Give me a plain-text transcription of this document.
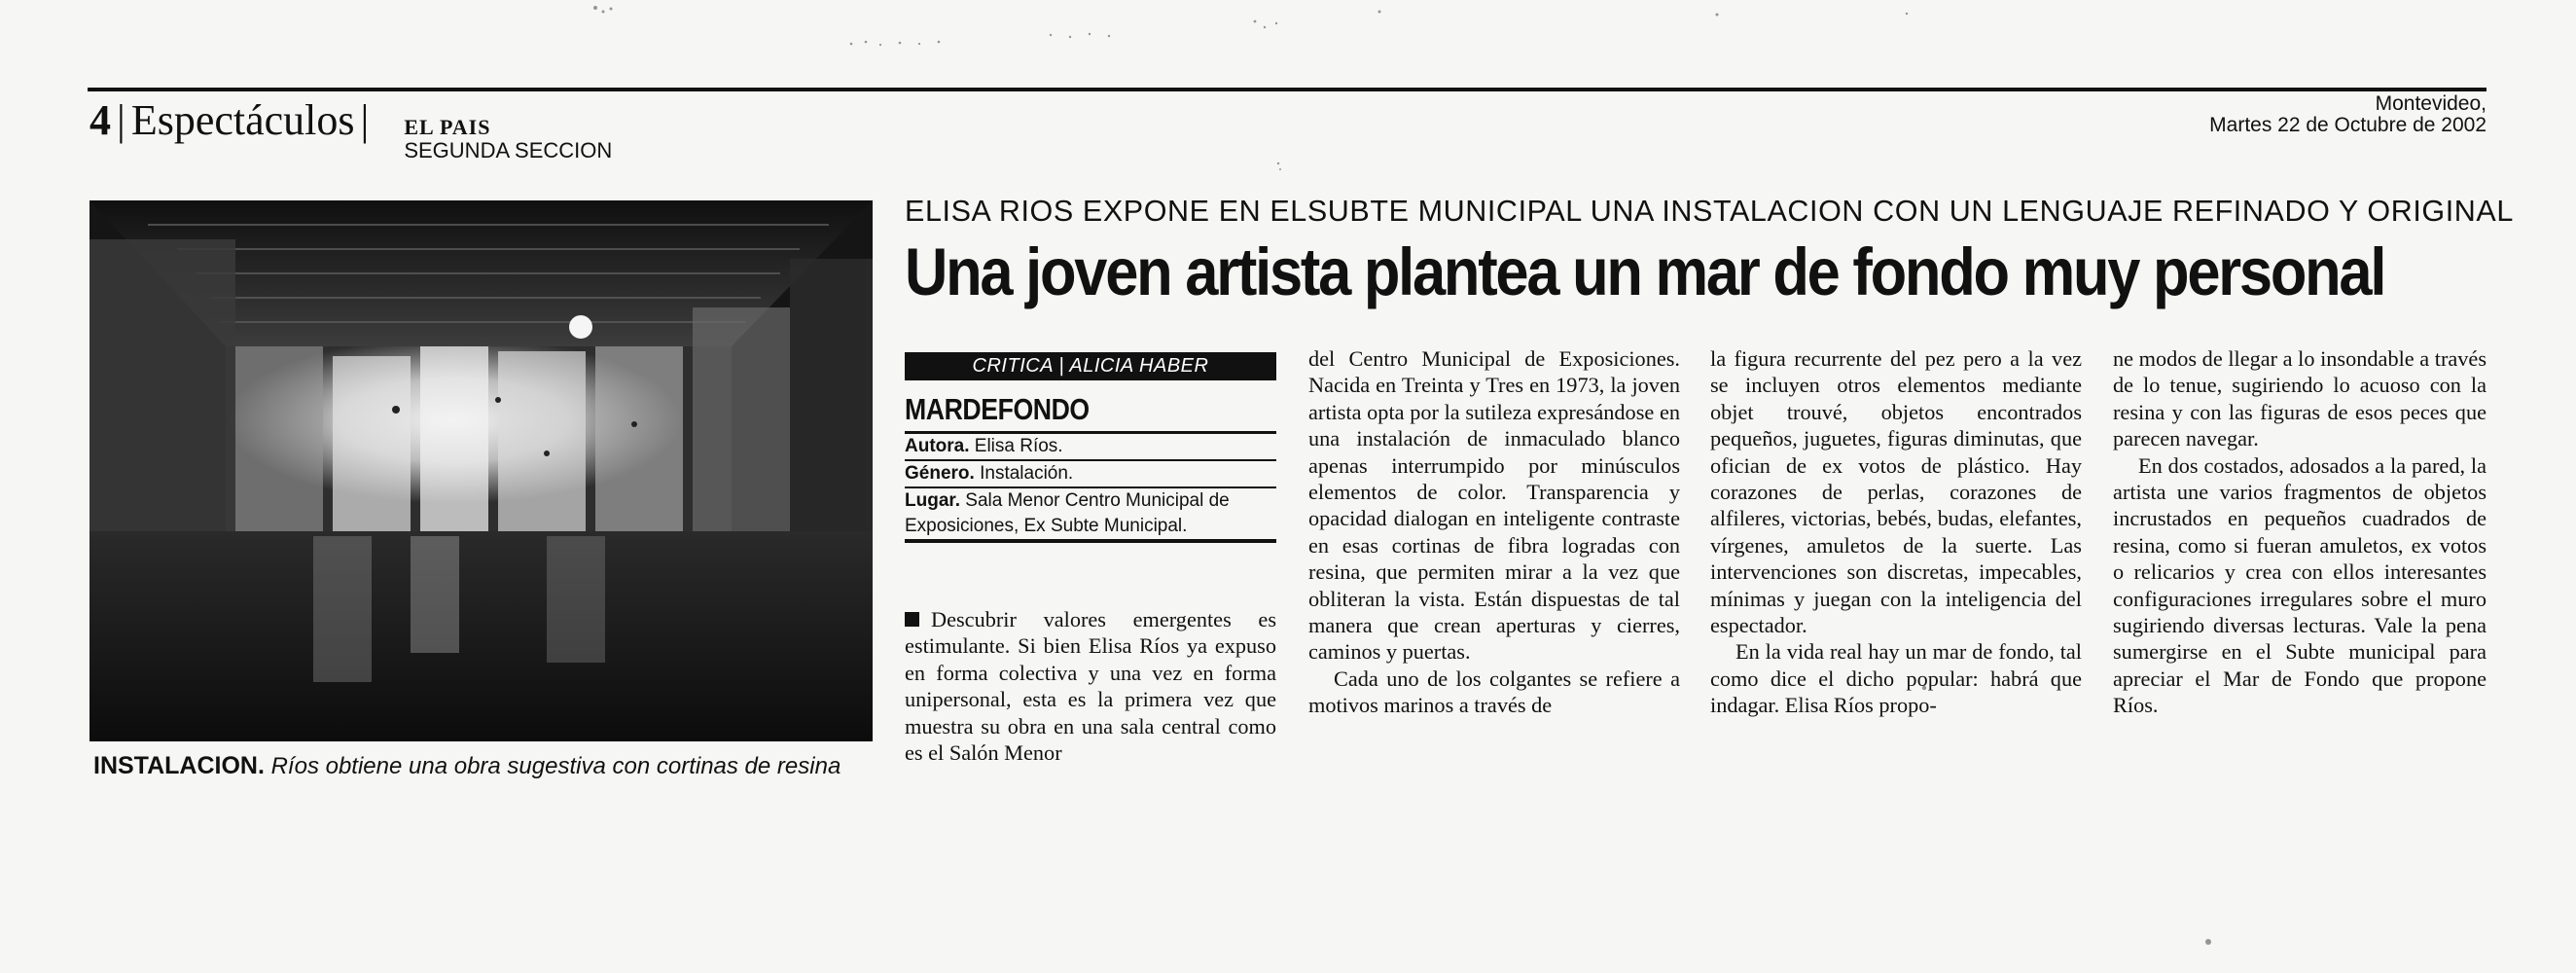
4 | Espectáculos | EL PAIS
SEGUNDA SECCION
Montevideo,
Martes 22 de Octubre de 2002
INSTALACION. Ríos obtiene una obra sugestiva con cortinas de resina
ELISA RIOS EXPONE EN ELSUBTE MUNICIPAL UNA INSTALACION CON UN LENGUAJE REFINADO Y ORIGINAL
Una joven artista plantea un mar de fondo muy personal
CRITICA | ALICIA HABER
MARDEFONDO
Autora. Elisa Ríos.
Género. Instalación.
Lugar. Sala Menor Centro Municipal de
Exposiciones, Ex Subte Municipal.

Descubrir valores emergentes es estimulante. Si bien Elisa Ríos ya expuso en forma colectiva y una vez en forma unipersonal, esta es la primera vez que muestra su obra en una sala central como es el Salón Menor

del Centro Municipal de Exposiciones. Nacida en Treinta y Tres en 1973, la joven artista opta por la sutileza expresándose en una instalación de inmaculado blanco apenas interrumpido por minúsculos elementos de color. Transparencia y opacidad dialogan en inteligente contraste en esas cortinas de fibra logradas con resina, que permiten mirar a la vez que obliteran la vista. Están dispuestas de tal manera que crean aperturas y cierres, caminos y puertas.

Cada uno de los colgantes se refiere a motivos marinos a través de

la figura recurrente del pez pero a la vez se incluyen otros elementos mediante objet trouvé, objetos encontrados pequeños, juguetes, figuras diminutas, que ofician de ex votos de plástico. Hay corazones de perlas, corazones de alfileres, victorias, bebés, budas, elefantes, vírgenes, amuletos de la suerte. Las intervenciones son discretas, impecables, mínimas y juegan con la inteligencia del espectador.

En la vida real hay un mar de fondo, tal como dice el dicho popular: habrá que indagar. Elisa Ríos propo-

ne modos de llegar a lo insondable a través de lo tenue, sugiriendo lo acuoso con la resina y con las figuras de esos peces que parecen navegar.

En dos costados, adosados a la pared, la artista une varios fragmentos de objetos incrustados en pequeños cuadrados de resina, como si fueran amuletos, ex votos o relicarios y crea con ellos interesantes configuraciones irregulares sobre el muro sugiriendo diversas lecturas. Vale la pena sumergirse en el Subte municipal para apreciar el Mar de Fondo que propone Ríos.
